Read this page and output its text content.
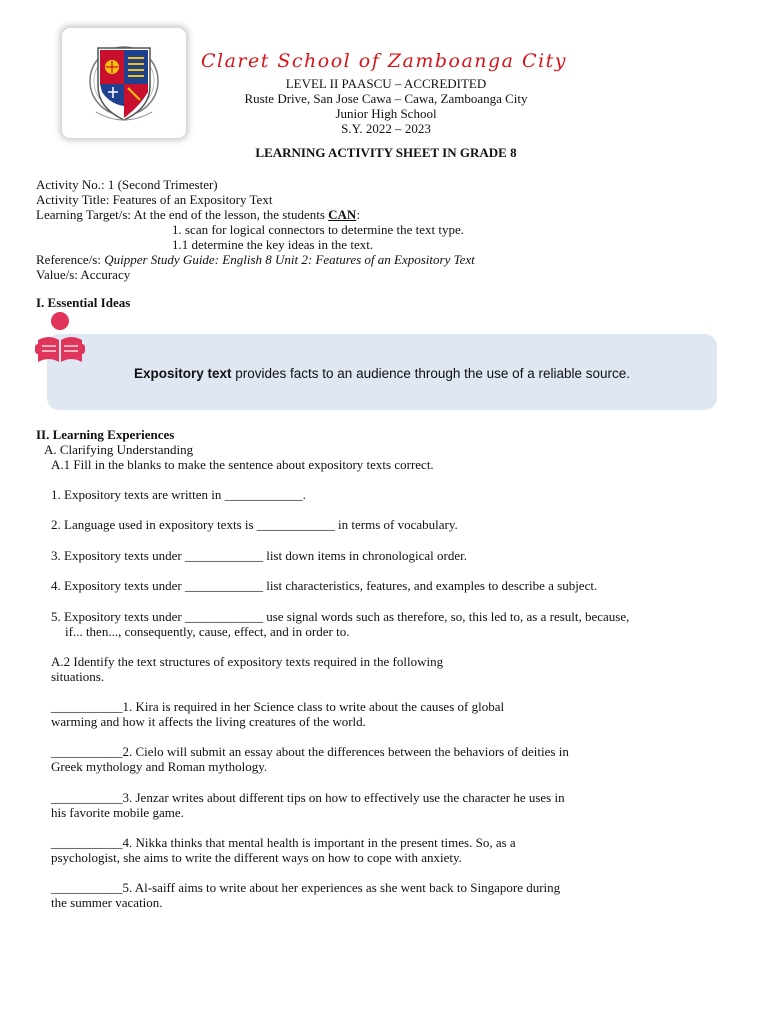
Claret School of Zamboanga City
LEVEL II PAASCU – ACCREDITED
Ruste Drive, San Jose Cawa – Cawa, Zamboanga City
Junior High School
S.Y. 2022 – 2023
LEARNING ACTIVITY SHEET IN GRADE 8
Activity No.: 1 (Second Trimester)
Activity Title: Features of an Expository Text
Learning Target/s: At the end of the lesson, the students CAN:
1. scan for logical connectors to determine the text type.
1.1 determine the key ideas in the text.
Reference/s: Quipper Study Guide: English 8 Unit 2: Features of an Expository Text
Value/s: Accuracy
I. Essential Ideas
Expository text provides facts to an audience through the use of a reliable source.
II. Learning Experiences
A. Clarifying Understanding
A.1 Fill in the blanks to make the sentence about expository texts correct.
1. Expository texts are written in ____________.
2. Language used in expository texts is ____________ in terms of vocabulary.
3. Expository texts under ____________ list down items in chronological order.
4. Expository texts under ____________ list characteristics, features, and examples to describe a subject.
5. Expository texts under ____________ use signal words such as therefore, so, this led to, as a result, because,
if... then..., consequently, cause, effect, and in order to.
A.2 Identify the text structures of expository texts required in the following
situations.
___________1. Kira is required in her Science class to write about the causes of global
warming and how it affects the living creatures of the world.
___________2. Cielo will submit an essay about the differences between the behaviors of deities in
Greek mythology and Roman mythology.
___________3. Jenzar writes about different tips on how to effectively use the character he uses in
his favorite mobile game.
___________4. Nikka thinks that mental health is important in the present times. So, as a
psychologist, she aims to write the different ways on how to cope with anxiety.
___________5. Al-saiff aims to write about her experiences as she went back to Singapore during
the summer vacation.
